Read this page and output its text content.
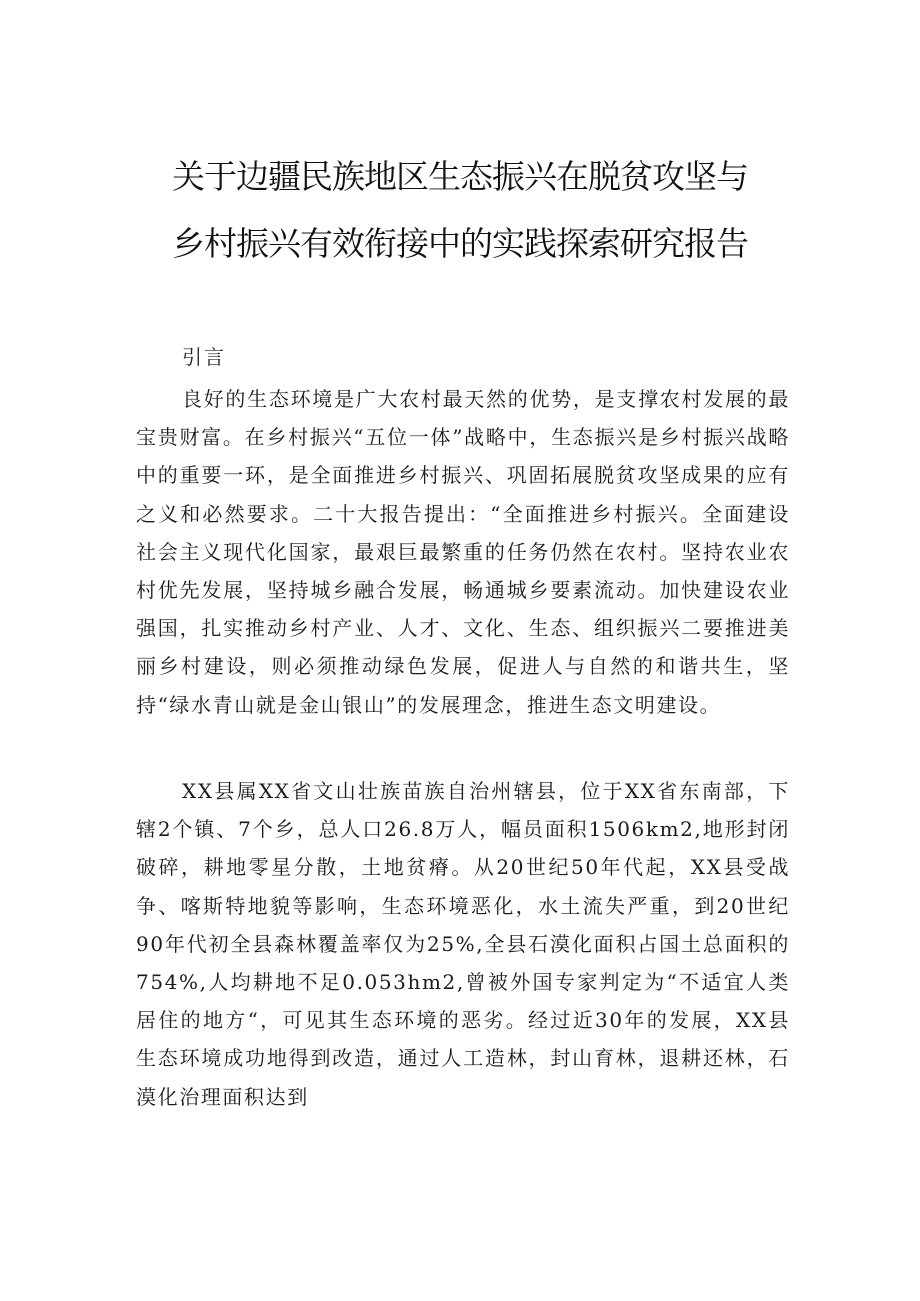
关于边疆民族地区生态振兴在脱贫攻坚与
乡村振兴有效衔接中的实践探索研究报告
引言

良好的生态环境是广大农村最天然的优势，是支撑农村发展的最宝贵财富。在乡村振兴“五位一体”战略中，生态振兴是乡村振兴战略中的重要一环，是全面推进乡村振兴、巩固拓展脱贫攻坚成果的应有之义和必然要求。二十大报告提出：“全面推进乡村振兴。全面建设社会主义现代化国家，最艰巨最繁重的任务仍然在农村。坚持农业农村优先发展，坚持城乡融合发展，畅通城乡要素流动。加快建设农业强国，扎实推动乡村产业、人才、文化、生态、组织振兴二要推进美丽乡村建设，则必须推动绿色发展，促进人与自然的和谐共生，坚持“绿水青山就是金山银山”的发展理念，推进生态文明建设。

XX县属XX省文山壮族苗族自治州辖县，位于XX省东南部，下辖2个镇、7个乡，总人口26.8万人，幅员面积1506km2,地形封闭破碎，耕地零星分散，土地贫瘠。从20世纪50年代起，XX县受战争、喀斯特地貌等影响，生态环境恶化，水土流失严重，到20世纪90年代初全县森林覆盖率仅为25%,全县石漠化面积占国土总面积的754%,人均耕地不足0.053hm2,曾被外国专家判定为“不适宜人类居住的地方“，可见其生态环境的恶劣。经过近30年的发展，XX县生态环境成功地得到改造，通过人工造林，封山育林，退耕还林，石漠化治理面积达到
